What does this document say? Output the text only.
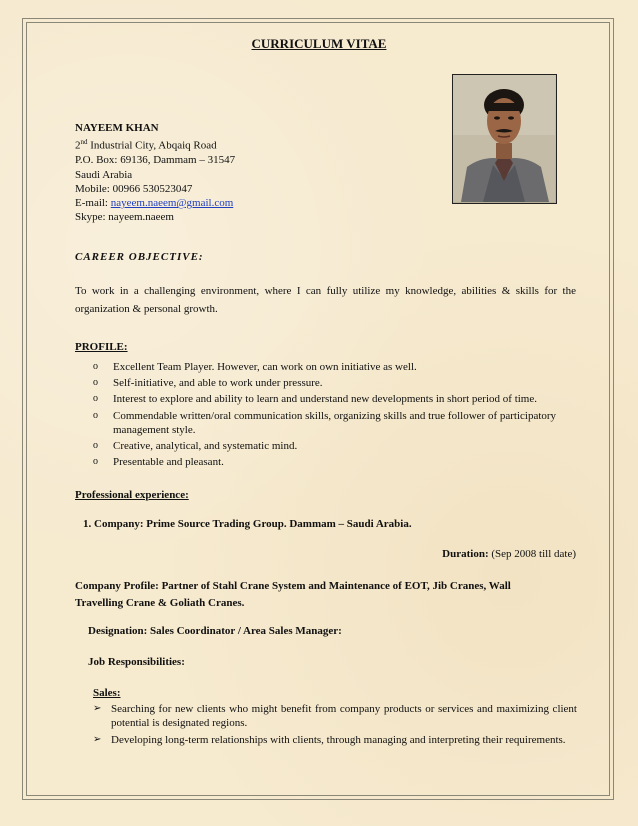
CURRICULUM VITAE
NAYEEM KHAN
2nd Industrial City, Abqaiq Road
P.O. Box: 69136, Dammam – 31547
Saudi Arabia
Mobile: 00966 530523047
E-mail: nayeem.naeem@gmail.com
Skype: nayeem.naeem
CAREER OBJECTIVE:
To work in a challenging environment, where I can fully utilize my knowledge, abilities & skills for the organization & personal growth.
PROFILE:
o Excellent Team Player. However, can work on own initiative as well.
o Self-initiative, and able to work under pressure.
o Interest to explore and ability to learn and understand new developments in short period of time.
o Commendable written/oral communication skills, organizing skills and true follower of participatory management style.
o Creative, analytical, and systematic mind.
o Presentable and pleasant.
Professional experience:
1. Company: Prime Source Trading Group. Dammam – Saudi Arabia.
Duration: (Sep 2008 till date)
Company Profile: Partner of Stahl Crane System and Maintenance of EOT, Jib Cranes, Wall Travelling Crane & Goliath Cranes.
Designation: Sales Coordinator / Area Sales Manager:
Job Responsibilities:
Sales:
➢ Searching for new clients who might benefit from company products or services and maximizing client potential is designated regions.
➢ Developing long-term relationships with clients, through managing and interpreting their requirements.
